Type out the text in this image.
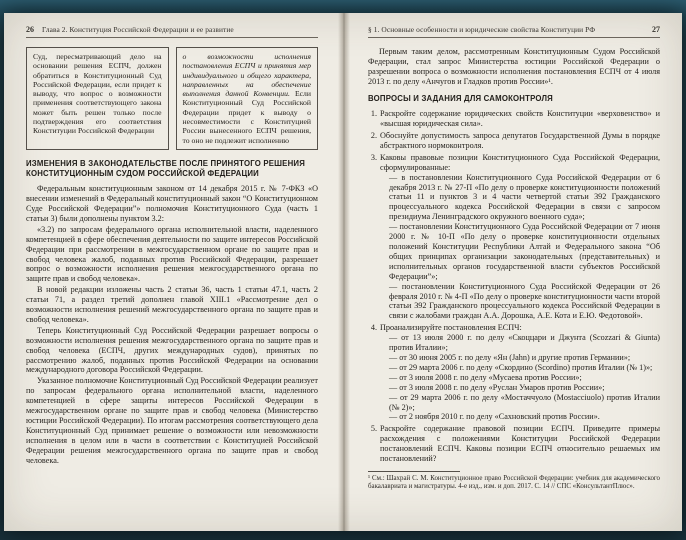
26 Глава 2. Конституция Российской Федерации и ее развитие
Суд, пересматривающий дело на основании решения ЕСПЧ, должен обратиться в Конституционный Суд Российской Федерации, если придет к выводу, что вопрос о возможности применения соответствующего закона может быть решен только после подтверждения его соответствия Конституции Российской Федерации
о возможности исполнения постановления ЕСПЧ и принятия мер индивидуального и общего характера, направленных на обеспечение выполнения данной Конвенции. Если Конституционный Суд Российской Федерации придет к выводу о несовместимости с Конституцией России вынесенного ЕСПЧ решения, то оно не подлежит исполнению
ИЗМЕНЕНИЯ В ЗАКОНОДАТЕЛЬСТВЕ ПОСЛЕ ПРИНЯТОГО РЕШЕНИЯ КОНСТИТУЦИОННЫМ СУДОМ РОССИЙСКОЙ ФЕДЕРАЦИИ

Федеральным конституционным законом от 14 декабря 2015 г. № 7-ФКЗ «О внесении изменений в Федеральный конституционный закон “О Конституционном Суде Российской Федерации”» полномочия Конституционного Суда (часть 1 статьи 3) были дополнены пунктом 3.2:

«3.2) по запросам федерального органа исполнительной власти, наделенного компетенцией в сфере обеспечения деятельности по защите интересов Российской Федерации при рассмотрении в межгосударственном органе по защите прав и свобод человека жалоб, поданных против Российской Федерации, разрешает вопрос о возможности исполнения решения межгосударственного органа по защите прав и свобод человека».

В новой редакции изложены часть 2 статьи 36, часть 1 статьи 47.1, часть 2 статьи 71, а раздел третий дополнен главой XIII.1 «Рассмотрение дел о возможности исполнения решений межгосударственного органа по защите прав и свобод человека».

Теперь Конституционный Суд Российской Федерации разрешает вопросы о возможности исполнения решения межгосударственного органа по защите прав и свобод человека (ЕСПЧ, других международных судов), принятых по рассмотрению жалоб, поданных против Российской Федерации на основании международного договора Российской Федерации.

Указанное полномочие Конституционный Суд Российской Федерации реализует по запросам федерального органа исполнительной власти, наделенного компетенцией в сфере защиты интересов Российской Федерации в межгосударственном органе по защите прав и свобод человека (Министерство юстиции Российской Федерации). По итогам рассмотрения соответствующего дела Конституционный Суд принимает решение о возможности или невозможности исполнения в целом или в части в соответствии с Конституцией Российской Федерации решения межгосударственного органа по защите прав и свобод человека.

§ 1. Основные особенности и юридические свойства Конституции РФ	27

Первым таким делом, рассмотренным Конституционным Судом Российской Федерации, стал запрос Министерства юстиции Российской Федерации о разрешении вопроса о возможности исполнения постановления ЕСПЧ от 4 июля 2013 г. по делу «Анчугов и Гладков против России»¹.

ВОПРОСЫ И ЗАДАНИЯ ДЛЯ САМОКОНТРОЛЯ
1. Раскройте содержание юридических свойств Конституции «верховенство» и «высшая юридическая сила».
2. Обоснуйте допустимость запроса депутатов Государственной Думы в порядке абстрактного нормоконтроля.
3. Каковы правовые позиции Конституционного Суда Российской Федерации, сформулированные:
— в постановлении Конституционного Суда Российской Федерации от 6 декабря 2013 г. № 27-П «По делу о проверке конституционности положений статьи 11 и пунктов 3 и 4 части четвертой статьи 392 Гражданского процессуального кодекса Российской Федерации в связи с запросом президиума Ленинградского окружного военного суда»;
— постановлении Конституционного Суда Российской Федерации от 7 июня 2000 г. № 10-П «По делу о проверке конституционности отдельных положений Конституции Республики Алтай и Федерального закона “Об общих принципах организации законодательных (представительных) и исполнительных органов государственной власти субъектов Российской Федерации”»;
— постановлении Конституционного Суда Российской Федерации от 26 февраля 2010 г. № 4-П «По делу о проверке конституционности части второй статьи 392 Гражданского процессуального кодекса Российской Федерации в связи с жалобами граждан А.А. Дорошка, А.Е. Кота и Е.Ю. Федотовой».
4. Проанализируйте постановления ЕСПЧ:
— от 13 июля 2000 г. по делу «Скоццари и Джунта (Scozzari & Giunta) против Италии»;
— от 30 июня 2005 г. по делу «Ян (Jahn) и другие против Германии»;
— от 29 марта 2006 г. по делу «Скордино (Scordino) против Италии (№ 1)»;
— от 3 июля 2008 г. по делу «Мусаева против России»;
— от 3 июля 2008 г. по делу «Руслан Умаров против России»;
— от 29 марта 2006 г. по делу «Мостаччуоло (Mostacciuolo) против Италии (№ 2)»;
— от 2 ноября 2010 г. по делу «Сахновский против России».
5. Раскройте содержание правовой позиции ЕСПЧ. Приведите примеры расхождения с положениями Конституции Российской Федерации постановлений ЕСПЧ. Каковы позиции ЕСПЧ относительно решаемых им постановлений?
¹ См.: Шахрай С. М. Конституционное право Российской Федерации: учебник для академического бакалавриата и магистратуры. 4-е изд., изм. и доп. 2017. С. 14 // СПС «КонсультантПлюс».
